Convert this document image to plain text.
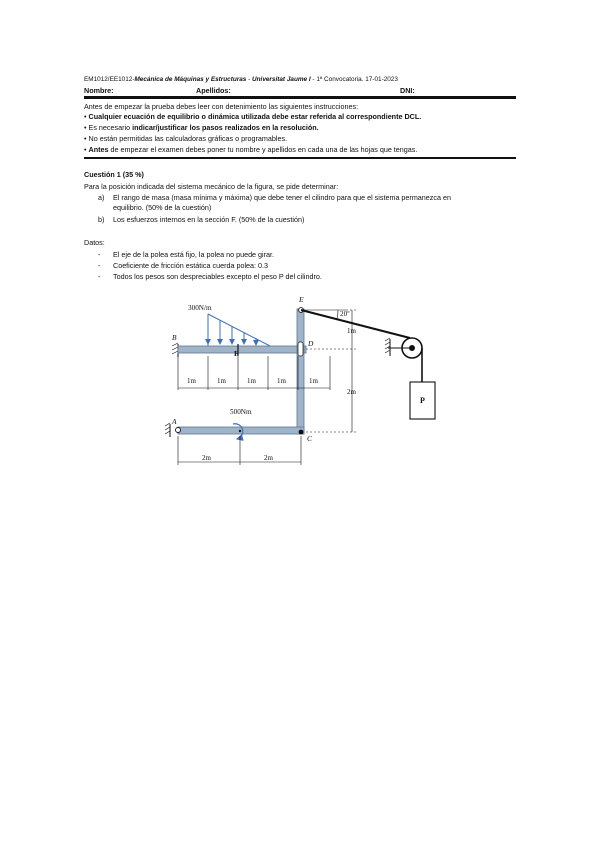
EM1012/EE1012-Mecánica de Máquinas y Estructuras - Universitat Jaume I - 1ª Convocatoria. 17-01-2023
Nombre:	Apellidos:	DNI:
Antes de empezar la prueba debes leer con detenimiento las siguientes instrucciones:
• Cualquier ecuación de equilibrio o dinámica utilizada debe estar referida al correspondiente DCL.
• Es necesario indicar/justificar los pasos realizados en la resolución.
• No están permitidas las calculadoras gráficas o programables.
• Antes de empezar el examen debes poner tu nombre y apellidos en cada una de las hojas que tengas.
Cuestión 1 (35 %)
Para la posición indicada del sistema mecánico de la figura, se pide determinar:
a) El rango de masa (masa mínima y máxima) que debe tener el cilindro para que el sistema permanezca en
equilibrio. (50% de la cuestión)
b) Los esfuerzos internos en la sección F. (50% de la cuestión)
Datos:
- El eje de la polea está fijo, la polea no puede girar.
- Coeficiente de fricción estática cuerda polea: 0.3
- Todos los pesos son despreciables excepto el peso P del cilindro.
300N/m
500Nm
20º
P
B
A
C
D
E
F
1m	1m	1m	1m	1m
2m	2m
1m
2m
